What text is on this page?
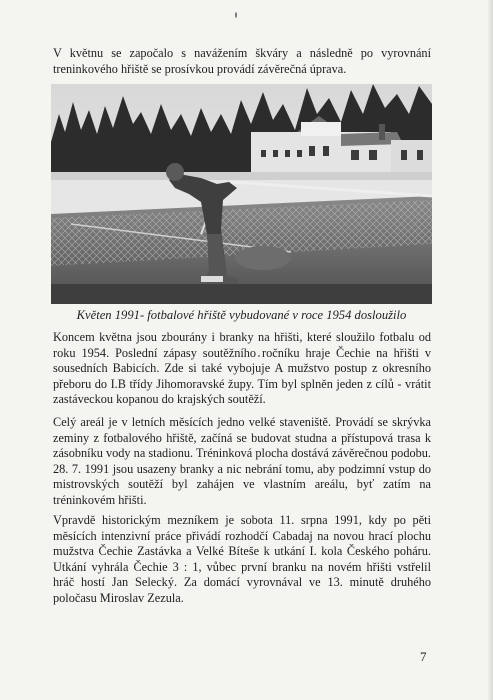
V květnu se započalo s navážením škváry a následně po vyrovnání treninkového hřiště se prosívkou provádí závěrečná úprava.

Květen 1991- fotbalové hřiště vybudované v roce 1954 dosloužilo

Koncem května jsou zbourány i branky na hřišti, které sloužilo fotbalu od roku 1954. Poslední zápasy soutěžního ročníku hraje Čechie na hřišti v sousedních Babicích. Zde si také vybojuje A mužstvo postup z okresního přeboru do I.B třídy Jihomoravské župy. Tím byl splněn jeden z cílů - vrátit zastáveckou kopanou do krajských soutěží.

Celý areál je v letních měsících jedno velké staveniště. Provádí se skrývka zeminy z fotbalového hřiště, začíná se budovat studna a přístupová trasa k zásobníku vody na stadionu. Tréninková plocha dostává závěrečnou podobu. 28. 7. 1991 jsou usazeny branky a nic nebrání tomu, aby podzimní vstup do mistrovských soutěží byl zahájen ve vlastním areálu, byť zatím na tréninkovém hřišti.

Vpravdě historickým mezníkem je sobota 11. srpna 1991, kdy po pěti měsících intenzivní práce přivádí rozhodčí Cabadaj na novou hrací plochu mužstva Čechie Zastávka a Velké Bíteše k utkání I. kola Českého poháru. Utkání vyhrála Čechie 3 : 1, vůbec první branku na novém hřišti vstřelil hráč hostí Jan Selecký. Za domácí vyrovnával ve 13. minutě druhého poločasu Miroslav Zezula.

7
